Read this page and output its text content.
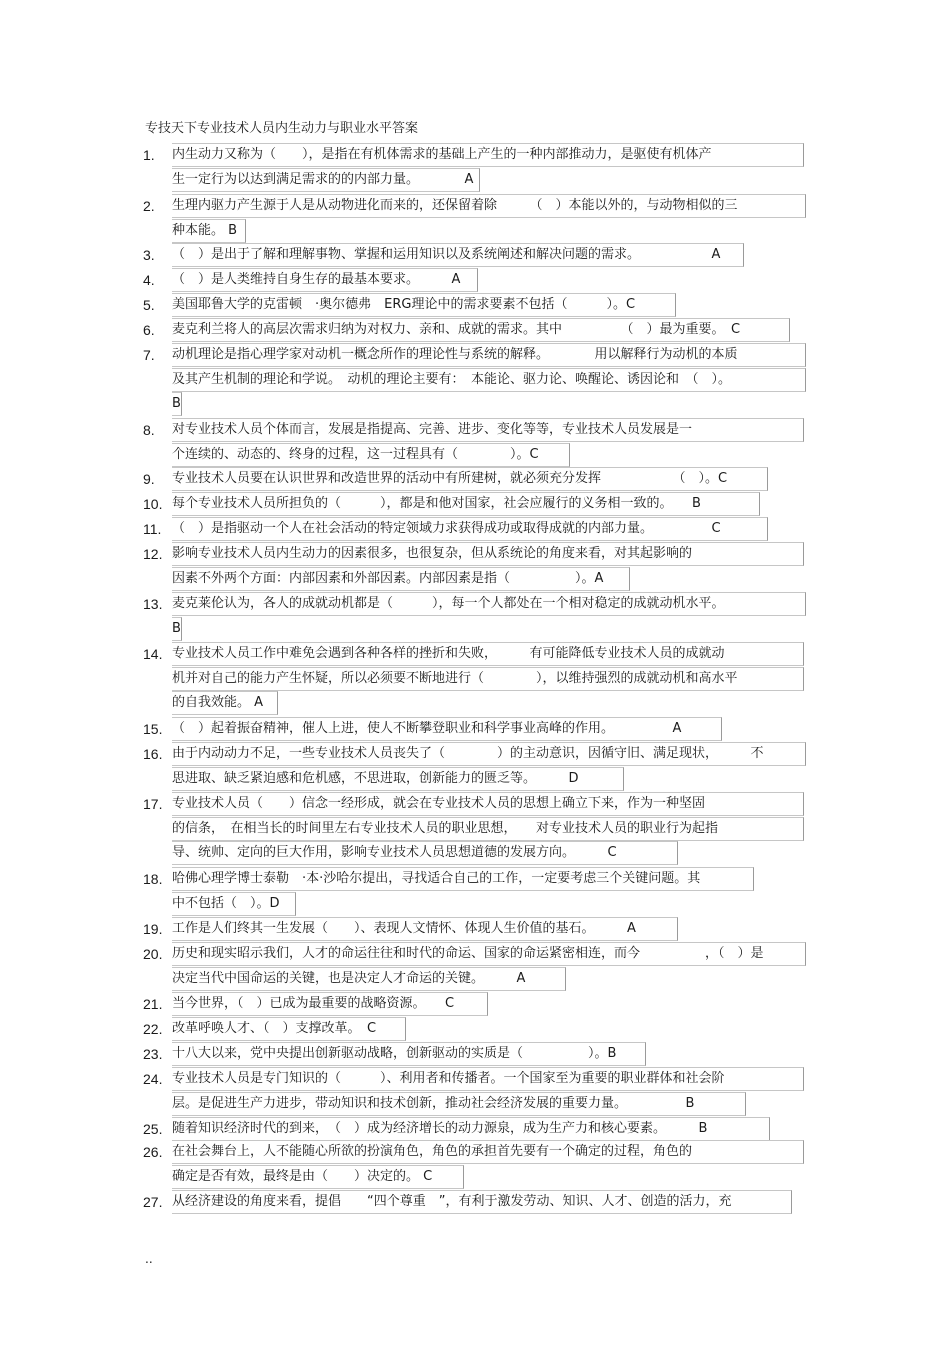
专技天下专业技术人员内生动力与职业水平答案
1.	内生动力又称为（　　），是指在有机体需求的基础上产生的一种内部推动力，是驱使有机体产
生一定行为以达到满足需求的的内部力量。　　　　A
2.	生理内驱力产生源于人是从动物进化而来的，还保留着除　　　（　）本能以外的，与动物相似的三
种本能。 B
3.	（　）是出于了解和理解事物、掌握和运用知识以及系统阐述和解决问题的需求。　　　　　　A
4.	（　）是人类维持自身生存的最基本要求。　　　A
5.	美国耶鲁大学的克雷顿　·奥尔德弗　ERG理论中的需求要素不包括（　　　）。C
6.	麦克利兰将人的高层次需求归纳为对权力、亲和、成就的需求。其中　　　　　（　）最为重要。　C
7.	动机理论是指心理学家对动机一概念所作的理论性与系统的解释。　　　　用以解释行为动机的本质
及其产生机制的理论和学说。　动机的理论主要有：　本能论、驱力论、唤醒论、诱因论和　（　）。
B
8.	对专业技术人员个体而言，发展是指提高、完善、进步、变化等等，专业技术人员发展是一
个连续的、动态的、终身的过程，这一过程具有（　　　　）。C
9.	专业技术人员要在认识世界和改造世界的活动中有所建树，就必须充分发挥　　　　　　（　）。C
10. 每个专业技术人员所担负的（　　　），都是和他对国家，社会应履行的义务相一致的。　　B
11. （　）是指驱动一个人在社会活动的特定领域力求获得成功或取得成就的内部力量。　　　　　C
12. 影响专业技术人员内生动力的因素很多，也很复杂，但从系统论的角度来看，对其起影响的
因素不外两个方面：内部因素和外部因素。内部因素是指（　　　　　）。A
13. 麦克莱伦认为，各人的成就动机都是（　　　），每一个人都处在一个相对稳定的成就动机水平。
B
14. 专业技术人员工作中难免会遇到各种各样的挫折和失败，　　　有可能降低专业技术人员的成就动
机并对自己的能力产生怀疑，所以必须要不断地进行（　　　　），以维持强烈的成就动机和高水平
的自我效能。 A
15. （　）起着振奋精神，催人上进，使人不断攀登职业和科学事业高峰的作用。　　　　　A
16. 由于内动动力不足，一些专业技术人员丧失了（　　　　）的主动意识，因循守旧、满足现状，　　　不
思进取、缺乏紧迫感和危机感，不思进取，创新能力的匮乏等。　　　D
17. 专业技术人员（　　）信念一经形成，就会在专业技术人员的思想上确立下来，作为一种坚固
的信条，　在相当长的时间里左右专业技术人员的职业思想，　　对专业技术人员的职业行为起指
导、统帅、定向的巨大作用，影响专业技术人员思想道德的发展方向。　　　C
18. 哈佛心理学博士泰勒　·本·沙哈尔提出，寻找适合自己的工作，一定要考虑三个关键问题。其
中不包括（　）。D
19. 工作是人们终其一生发展（　　）、表现人文情怀、体现人生价值的基石。　　　A
20. 历史和现实昭示我们，人才的命运往往和时代的命运、国家的命运紧密相连，而今　　　　　，（　）是
决定当代中国命运的关键，也是决定人才命运的关键。　　　A
21. 当今世界，（　）已成为最重要的战略资源。　　C
22. 改革呼唤人才、（　）支撑改革。　C
23. 十八大以来，党中央提出创新驱动战略，创新驱动的实质是（　　　　　）。B
24. 专业技术人员是专门知识的（　　　）、利用者和传播者。一个国家至为重要的职业群体和社会阶
层。是促进生产力进步，带动知识和技术创新，推动社会经济发展的重要力量。　　　　　B
25. 随着知识经济时代的到来，　（　）成为经济增长的动力源泉，成为生产力和核心要素。　　　B
26. 在社会舞台上，人不能随心所欲的扮演角色，角色的承担首先要有一个确定的过程，角色的
确定是否有效，最终是由（　　）决定的。 C
27. 从经济建设的角度来看，提倡　　“四个尊重　”，有利于激发劳动、知识、人才、创造的活力，充
..
